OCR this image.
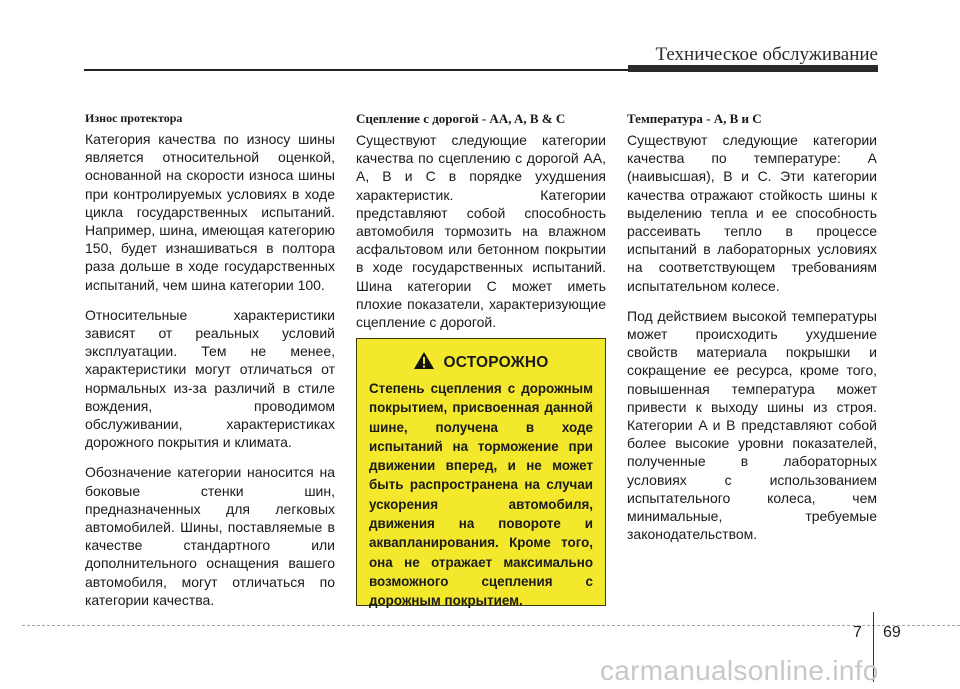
Техническое обслуживание
Износ протектора

Категория качества по износу шины является относительной оценкой, основанной на скорости износа шины при контролируемых условиях в ходе цикла государственных испытаний. Например, шина, имеющая категорию 150, будет изнашиваться в полтора раза дольше в ходе государственных испытаний, чем шина категории 100.

Относительные характеристики зависят от реальных условий эксплуатации. Тем не менее, характеристики могут отличаться от нормальных из-за различий в стиле вождения, проводимом обслуживании, характеристиках дорожного покрытия и климата.

Обозначение категории наносится на боковые стенки шин, предназначенных для легковых автомобилей. Шины, поставляемые в качестве стандартного или дополнительного оснащения вашего автомобиля, могут отличаться по категории качества.

Сцепление с дорогой - AA, A, B & C

Существуют следующие категории качества по сцеплению с дорогой AA, A, B и C в порядке ухудшения характеристик. Категории представляют собой способность автомобиля тормозить на влажном асфальтовом или бетонном покрытии в ходе государственных испытаний. Шина категории C может иметь плохие показатели, характеризующие сцепление с дорогой.

ОСТОРОЖНО
Степень сцепления с дорожным покрытием, присвоенная данной шине, получена в ходе испытаний на торможение при движении вперед, и не может быть распространена на случаи ускорения автомобиля, движения на повороте и аквапланирования. Кроме того, она не отражает максимально возможного сцепления с дорожным покрытием.
Температура - A, B и C

Существуют следующие категории качества по температуре: A (наивысшая), B и C. Эти категории качества отражают стойкость шины к выделению тепла и ее способность рассеивать тепло в процессе испытаний в лабораторных условиях на соответствующем требованиям испытательном колесе.

Под действием высокой температуры может происходить ухудшение свойств материала покрышки и сокращение ее ресурса, кроме того, повышенная температура может привести к выходу шины из строя. Категории A и B представляют собой более высокие уровни показателей, полученные в лабораторных условиях с использованием испытательного колеса, чем минимальные, требуемые законодательством.

7 69
carmanualsonline.info
